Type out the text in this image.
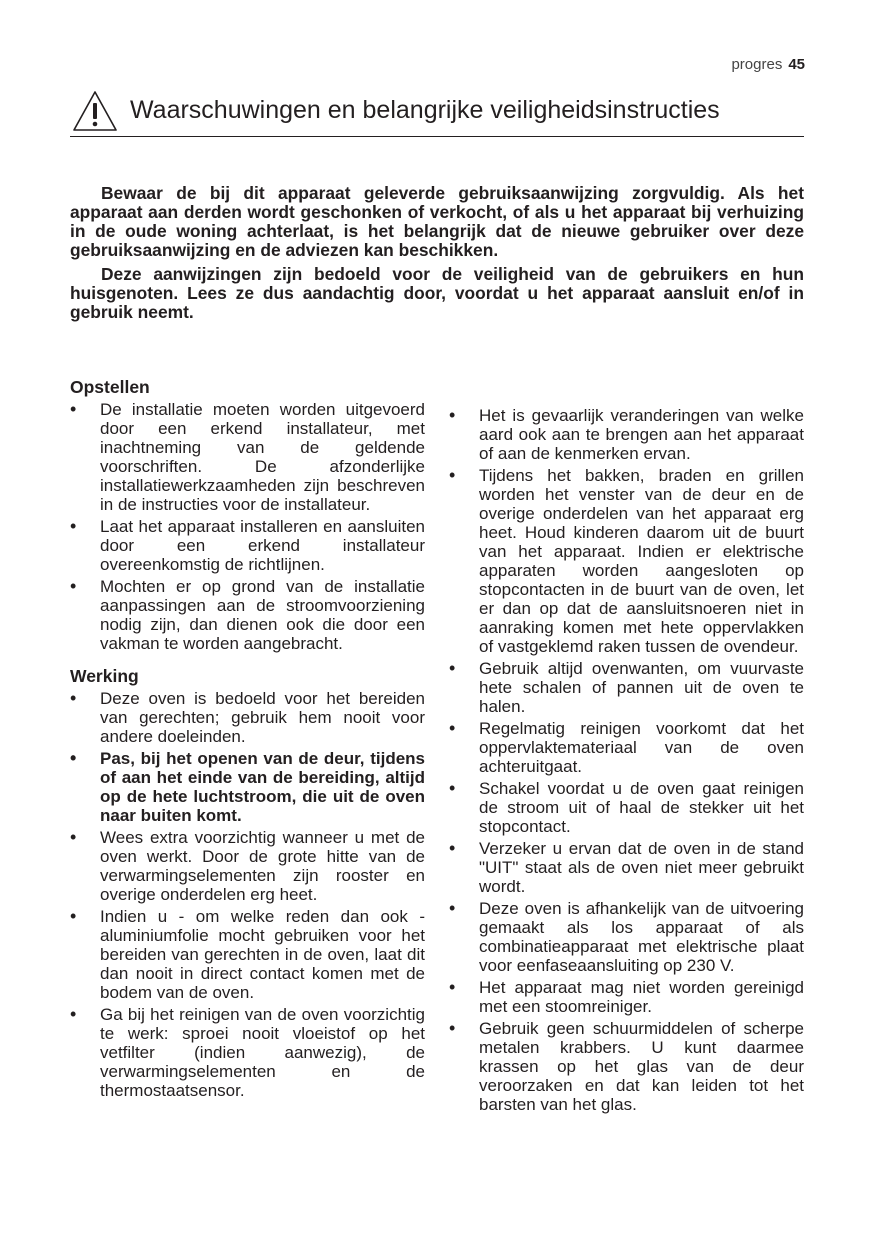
progres 45
Waarschuwingen en belangrijke veiligheidsinstructies

Bewaar de bij dit apparaat geleverde gebruiksaanwijzing zorgvuldig. Als het apparaat aan derden wordt geschonken of verkocht, of als u het apparaat bij verhuizing in de oude woning achterlaat, is het belangrijk dat de nieuwe gebruiker over deze gebruiksaanwijzing en de adviezen kan beschikken.

Deze aanwijzingen zijn bedoeld voor de veiligheid van de gebruikers en hun huisgenoten. Lees ze dus aandachtig door, voordat u het apparaat aansluit en/of in gebruik neemt.

Opstellen
• De installatie moeten worden uitgevoerd door een erkend installateur, met inachtneming van de geldende voorschriften. De afzonderlijke installatiewerkzaamheden zijn beschreven in de instructies voor de installateur.
• Laat het apparaat installeren en aansluiten door een erkend installateur overeenkomstig de richtlijnen.
• Mochten er op grond van de installatie aanpassingen aan de stroomvoorziening nodig zijn, dan dienen ook die door een vakman te worden aangebracht.
Werking
• Deze oven is bedoeld voor het bereiden van gerechten; gebruik hem nooit voor andere doeleinden.
• Pas, bij het openen van de deur, tijdens of aan het einde van de bereiding, altijd op de hete luchtstroom, die uit de oven naar buiten komt.
• Wees extra voorzichtig wanneer u met de oven werkt. Door de grote hitte van de verwarmingselementen zijn rooster en overige onderdelen erg heet.
• Indien u - om welke reden dan ook - aluminiumfolie mocht gebruiken voor het bereiden van gerechten in de oven, laat dit dan nooit in direct contact komen met de bodem van de oven.
• Ga bij het reinigen van de oven voorzichtig te werk: sproei nooit vloeistof op het vetfilter (indien aanwezig), de verwarmingselementen en de thermostaatsensor.
• Het is gevaarlijk veranderingen van welke aard ook aan te brengen aan het apparaat of aan de kenmerken ervan.
• Tijdens het bakken, braden en grillen worden het venster van de deur en de overige onderdelen van het apparaat erg heet. Houd kinderen daarom uit de buurt van het apparaat. Indien er elektrische apparaten worden aangesloten op stopcontacten in de buurt van de oven, let er dan op dat de aansluitsnoeren niet in aanraking komen met hete oppervlakken of vastgeklemd raken tussen de ovendeur.
• Gebruik altijd ovenwanten, om vuurvaste hete schalen of pannen uit de oven te halen.
• Regelmatig reinigen voorkomt dat het oppervlaktemateriaal van de oven achteruitgaat.
• Schakel voordat u de oven gaat reinigen de stroom uit of haal de stekker uit het stopcontact.
• Verzeker u ervan dat de oven in de stand "UIT" staat als de oven niet meer gebruikt wordt.
• Deze oven is afhankelijk van de uitvoering gemaakt als los apparaat of als combinatieapparaat met elektrische plaat voor eenfaseaansluiting op 230 V.
• Het apparaat mag niet worden gereinigd met een stoomreiniger.
• Gebruik geen schuurmiddelen of scherpe metalen krabbers. U kunt daarmee krassen op het glas van de deur veroorzaken en dat kan leiden tot het barsten van het glas.
